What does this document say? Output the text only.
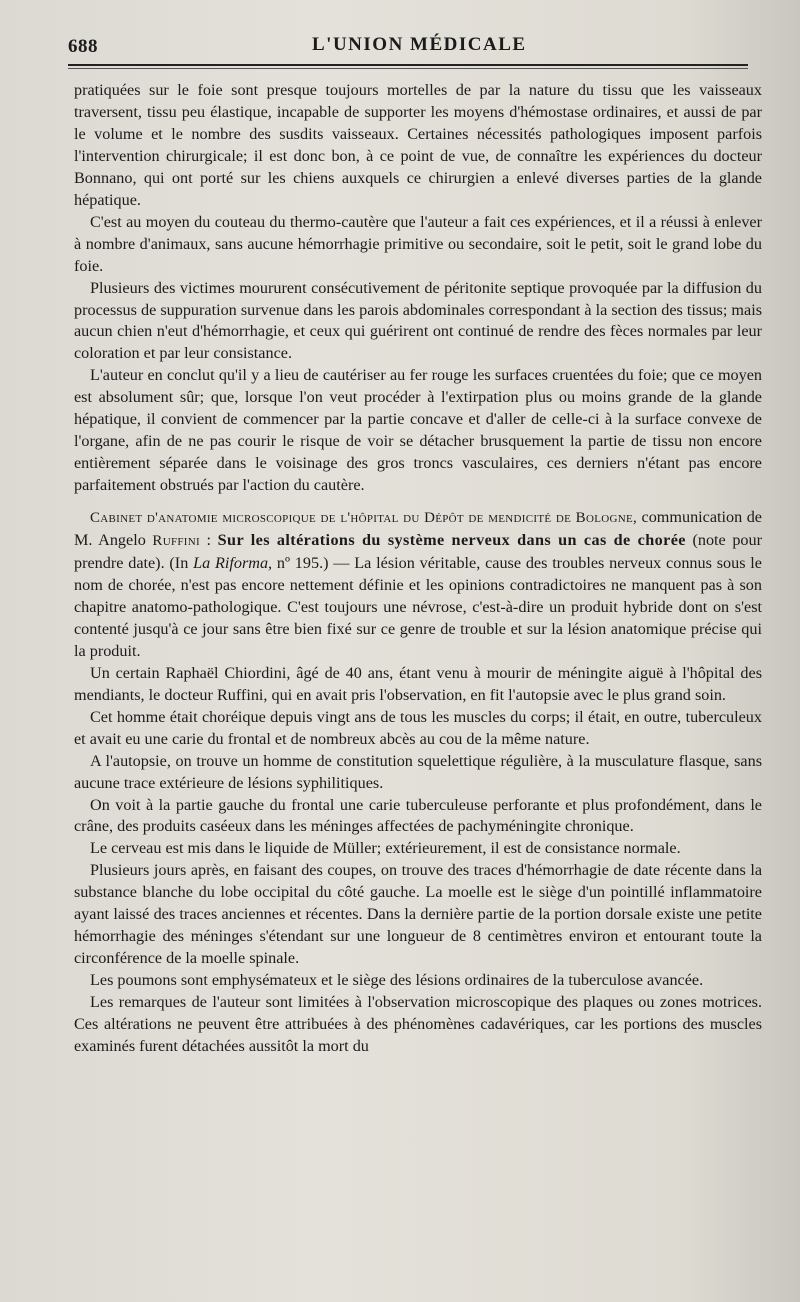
688	L'UNION MÉDICALE

pratiquées sur le foie sont presque toujours mortelles de par la nature du tissu que les vaisseaux traversent, tissu peu élastique, incapable de supporter les moyens d'hémostase ordinaires, et aussi de par le volume et le nombre des susdits vaisseaux. Certaines nécessités pathologiques imposent parfois l'intervention chirurgicale; il est donc bon, à ce point de vue, de connaître les expériences du docteur Bonnano, qui ont porté sur les chiens auxquels ce chirurgien a enlevé diverses parties de la glande hépatique.

C'est au moyen du couteau du thermo-cautère que l'auteur a fait ces expériences, et il a réussi à enlever à nombre d'animaux, sans aucune hémorrhagie primitive ou secondaire, soit le petit, soit le grand lobe du foie.

Plusieurs des victimes moururent consécutivement de péritonite septique provoquée par la diffusion du processus de suppuration survenue dans les parois abdominales correspondant à la section des tissus; mais aucun chien n'eut d'hémorrhagie, et ceux qui guérirent ont continué de rendre des fèces normales par leur coloration et par leur consistance.

L'auteur en conclut qu'il y a lieu de cautériser au fer rouge les surfaces cruentées du foie; que ce moyen est absolument sûr; que, lorsque l'on veut procéder à l'extirpation plus ou moins grande de la glande hépatique, il convient de commencer par la partie concave et d'aller de celle-ci à la surface convexe de l'organe, afin de ne pas courir le risque de voir se détacher brusquement la partie de tissu non encore entièrement séparée dans le voisinage des gros troncs vasculaires, ces derniers n'étant pas encore parfaitement obstrués par l'action du cautère.

Cabinet d'anatomie microscopique de l'hôpital du Dépôt de mendicité de Bologne, communication de M. Angelo Ruffini : Sur les altérations du système nerveux dans un cas de chorée (note pour prendre date). (In La Riforma, nº 195.) — La lésion véritable, cause des troubles nerveux connus sous le nom de chorée, n'est pas encore nettement définie et les opinions contradictoires ne manquent pas à son chapitre anatomo-pathologique. C'est toujours une névrose, c'est-à-dire un produit hybride dont on s'est contenté jusqu'à ce jour sans être bien fixé sur ce genre de trouble et sur la lésion anatomique précise qui la produit.

Un certain Raphaël Chiordini, âgé de 40 ans, étant venu à mourir de méningite aiguë à l'hôpital des mendiants, le docteur Ruffini, qui en avait pris l'observation, en fit l'autopsie avec le plus grand soin.

Cet homme était choréique depuis vingt ans de tous les muscles du corps; il était, en outre, tuberculeux et avait eu une carie du frontal et de nombreux abcès au cou de la même nature.

A l'autopsie, on trouve un homme de constitution squelettique régulière, à la musculature flasque, sans aucune trace extérieure de lésions syphilitiques.

On voit à la partie gauche du frontal une carie tuberculeuse perforante et plus profondément, dans le crâne, des produits caséeux dans les méninges affectées de pachyméningite chronique.

Le cerveau est mis dans le liquide de Müller; extérieurement, il est de consistance normale.

Plusieurs jours après, en faisant des coupes, on trouve des traces d'hémorrhagie de date récente dans la substance blanche du lobe occipital du côté gauche. La moelle est le siège d'un pointillé inflammatoire ayant laissé des traces anciennes et récentes. Dans la dernière partie de la portion dorsale existe une petite hémorrhagie des méninges s'étendant sur une longueur de 8 centimètres environ et entourant toute la circonférence de la moelle spinale.

Les poumons sont emphysémateux et le siège des lésions ordinaires de la tuberculose avancée.

Les remarques de l'auteur sont limitées à l'observation microscopique des plaques ou zones motrices. Ces altérations ne peuvent être attribuées à des phénomènes cadavériques, car les portions des muscles examinés furent détachées aussitôt la mort du
